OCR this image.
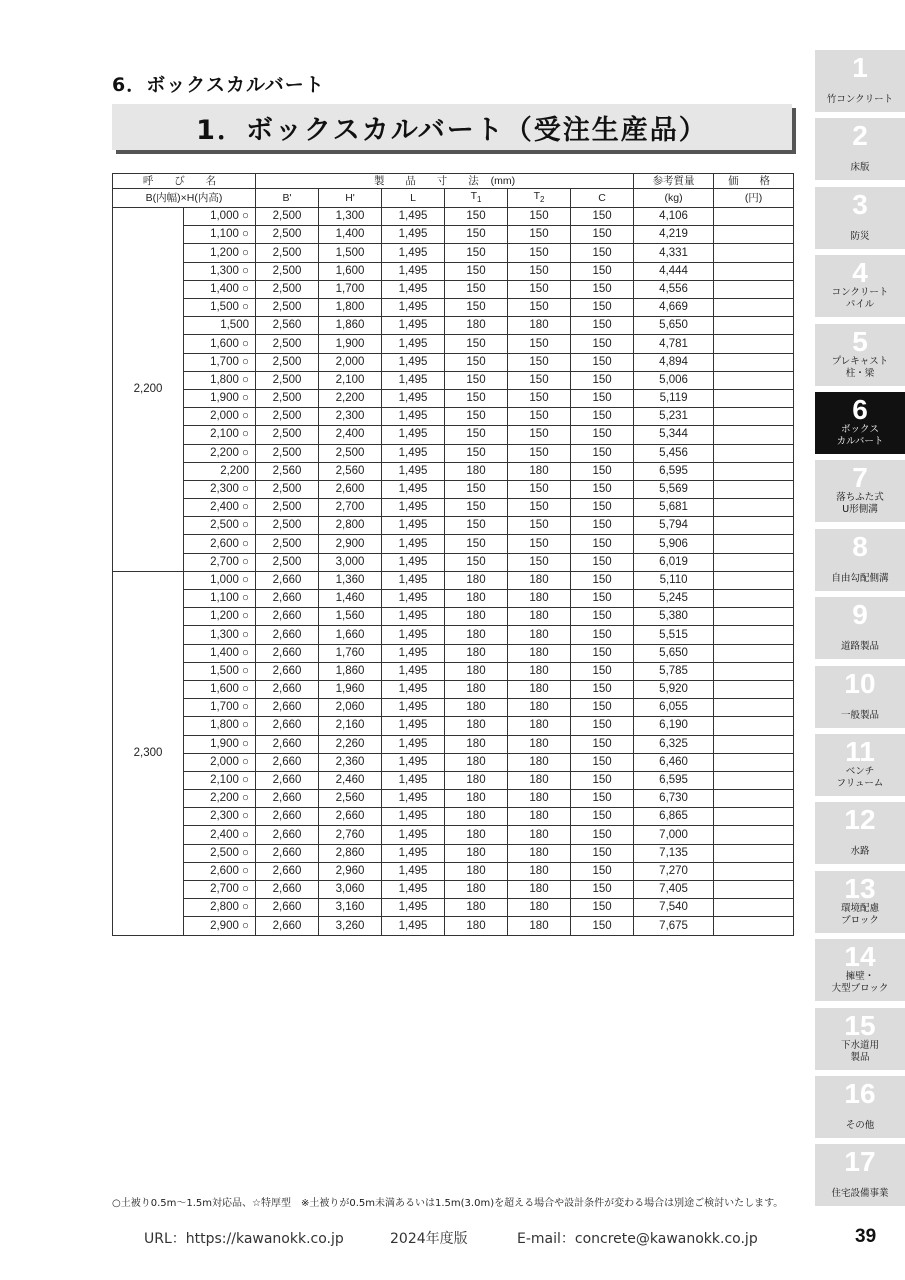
6．ボックスカルバート
1．ボックスカルバート（受注生産品）
呼 び 名		製 品 寸 法 (mm)						参考質量	価 格
B(内幅)×H(内高)		B'	H'	L	$T_1$	$T_2$	C	(kg)	(円)
2,200	1,000 ○	2,500	1,300	1,495	150	150	150	4,106	
	1,100 ○	2,500	1,400	1,495	150	150	150	4,219	
	1,200 ○	2,500	1,500	1,495	150	150	150	4,331	
	1,300 ○	2,500	1,600	1,495	150	150	150	4,444	
	1,400 ○	2,500	1,700	1,495	150	150	150	4,556	
	1,500 ○	2,500	1,800	1,495	150	150	150	4,669	
	1,500	2,560	1,860	1,495	180	180	150	5,650	
	1,600 ○	2,500	1,900	1,495	150	150	150	4,781	
	1,700 ○	2,500	2,000	1,495	150	150	150	4,894	
	1,800 ○	2,500	2,100	1,495	150	150	150	5,006	
	1,900 ○	2,500	2,200	1,495	150	150	150	5,119	
	2,000 ○	2,500	2,300	1,495	150	150	150	5,231	
	2,100 ○	2,500	2,400	1,495	150	150	150	5,344	
	2,200 ○	2,500	2,500	1,495	150	150	150	5,456	
	2,200	2,560	2,560	1,495	180	180	150	6,595	
	2,300 ○	2,500	2,600	1,495	150	150	150	5,569	
	2,400 ○	2,500	2,700	1,495	150	150	150	5,681	
	2,500 ○	2,500	2,800	1,495	150	150	150	5,794	
	2,600 ○	2,500	2,900	1,495	150	150	150	5,906	
	2,700 ○	2,500	3,000	1,495	150	150	150	6,019	
2,300	1,000 ○	2,660	1,360	1,495	180	180	150	5,110	
	1,100 ○	2,660	1,460	1,495	180	180	150	5,245	
	1,200 ○	2,660	1,560	1,495	180	180	150	5,380	
	1,300 ○	2,660	1,660	1,495	180	180	150	5,515	
	1,400 ○	2,660	1,760	1,495	180	180	150	5,650	
	1,500 ○	2,660	1,860	1,495	180	180	150	5,785	
	1,600 ○	2,660	1,960	1,495	180	180	150	5,920	
	1,700 ○	2,660	2,060	1,495	180	180	150	6,055	
	1,800 ○	2,660	2,160	1,495	180	180	150	6,190	
	1,900 ○	2,660	2,260	1,495	180	180	150	6,325	
	2,000 ○	2,660	2,360	1,495	180	180	150	6,460	
	2,100 ○	2,660	2,460	1,495	180	180	150	6,595	
	2,200 ○	2,660	2,560	1,495	180	180	150	6,730	
	2,300 ○	2,660	2,660	1,495	180	180	150	6,865	
	2,400 ○	2,660	2,760	1,495	180	180	150	7,000	
	2,500 ○	2,660	2,860	1,495	180	180	150	7,135	
	2,600 ○	2,660	2,960	1,495	180	180	150	7,270	
	2,700 ○	2,660	3,060	1,495	180	180	150	7,405	
	2,800 ○	2,660	3,160	1,495	180	180	150	7,540	
	2,900 ○	2,660	3,260	1,495	180	180	150	7,675	
1
竹コンクリート
2
床版
3
防災
4
コンクリート
パイル
5
プレキャスト
柱・梁
6
ボックス
カルバート
7
落ちふた式
U形側溝
8
自由勾配側溝
9
道路製品
10
一般製品
11
ベンチ
フリューム
12
水路
13
環境配慮
ブロック
14
擁壁・
大型ブロック
15
下水道用
製品
16
その他
17
住宅設備事業
○土被り0.5m～1.5m対応品、☆特厚型　※土被りが0.5m未満あるいは1.5m(3.0m)を超える場合や設計条件が変わる場合は別途ご検討いたします。
URL：https://kawanokk.co.jp	2024年度版	E-mail：concrete@kawanokk.co.jp	39
